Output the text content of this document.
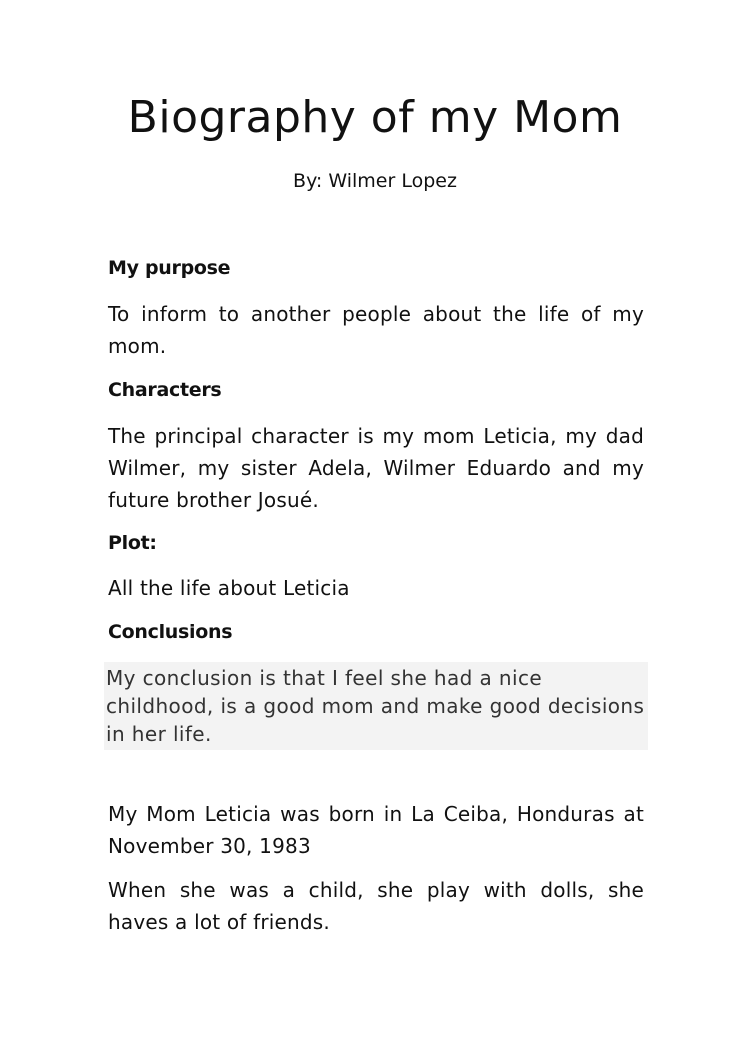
Biography of my Mom
By: Wilmer Lopez
My purpose
To inform to another people about the life of my mom.
Characters
The principal character is my mom Leticia, my dad Wilmer, my sister Adela, Wilmer Eduardo and my future brother Josué.
Plot:
All the life about Leticia
Conclusions
My conclusion is that I feel she had a nice childhood, is a good mom and make good decisions in her life.
My Mom Leticia was born in La Ceiba, Honduras at November 30, 1983
When she was a child, she play with dolls, she haves a lot of friends.
